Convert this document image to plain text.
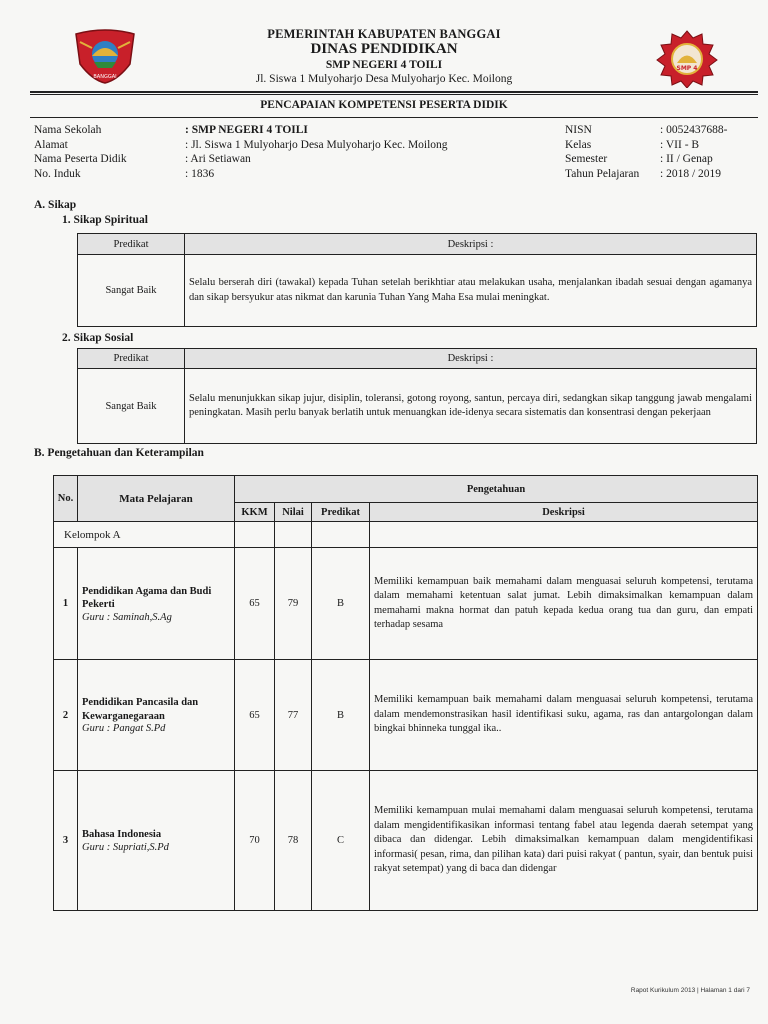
BANGGAI
SMP 4
PEMERINTAH KABUPATEN BANGGAI
DINAS PENDIDIKAN
SMP NEGERI 4 TOILI
Jl. Siswa 1 Mulyoharjo Desa Mulyoharjo Kec. Moilong
PENCAPAIAN KOMPETENSI PESERTA DIDIK
Nama Sekolah	: SMP NEGERI 4 TOILI
Alamat	: Jl. Siswa 1 Mulyoharjo Desa Mulyoharjo Kec. Moilong
Nama Peserta Didik	: Ari Setiawan
No. Induk	: 1836
NISN	: 0052437688-
Kelas	: VII - B
Semester	: II / Genap
Tahun Pelajaran	: 2018 / 2019
A. Sikap
1. Sikap Spiritual
Predikat	Deskripsi :
Sangat Baik	Selalu berserah diri (tawakal) kepada Tuhan setelah berikhtiar atau melakukan usaha, menjalankan ibadah sesuai dengan agamanya dan sikap bersyukur atas nikmat dan karunia Tuhan Yang Maha Esa mulai meningkat.
2. Sikap Sosial
Predikat	Deskripsi :
Sangat Baik	Selalu menunjukkan sikap jujur, disiplin, toleransi, gotong royong, santun, percaya diri, sedangkan sikap tanggung jawab mengalami peningkatan. Masih perlu banyak berlatih untuk menuangkan ide-idenya secara sistematis dan konsentrasi dengan pekerjaan
B. Pengetahuan dan Keterampilan
No.	Mata Pelajaran	Pengetahuan			
		KKM	Nilai	Predikat	Deskripsi
Kelompok A					
1	Pendidikan Agama dan Budi Pekerti
Guru : Saminah,S.Ag	65	79	B	Memiliki kemampuan baik memahami dalam menguasai seluruh kompetensi, terutama dalam memahami ketentuan salat jumat. Lebih dimaksimalkan kemampuan dalam memahami makna hormat dan patuh kepada kedua orang tua dan guru, dan empati terhadap sesama
2	Pendidikan Pancasila dan Kewarganegaraan
Guru : Pangat S.Pd	65	77	B	Memiliki kemampuan baik memahami dalam menguasai seluruh kompetensi, terutama dalam mendemonstrasikan hasil identifikasi suku, agama, ras dan antargolongan dalam bingkai bhinneka tunggal ika..
3	Bahasa Indonesia
Guru : Supriati,S.Pd	70	78	C	Memiliki kemampuan mulai memahami dalam menguasai seluruh kompetensi, terutama dalam mengidentifikasikan informasi tentang fabel atau legenda daerah setempat yang dibaca dan didengar. Lebih dimaksimalkan kemampuan dalam mengidentifikasi informasi( pesan, rima, dan pilihan kata) dari puisi rakyat ( pantun, syair, dan bentuk puisi rakyat setempat) yang di baca dan didengar
Rapot Kurikulum 2013 | Halaman 1 dari 7
